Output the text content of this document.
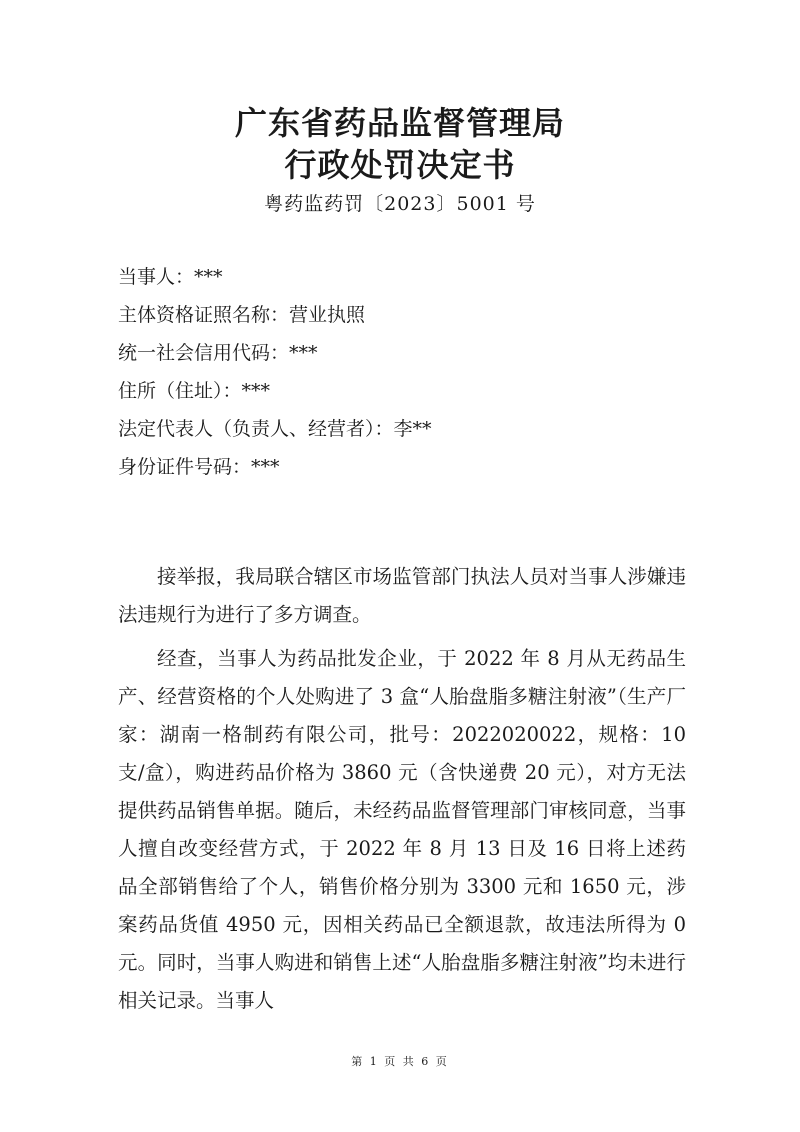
广东省药品监督管理局
行政处罚决定书
粤药监药罚〔2023〕5001 号
当事人：***
主体资格证照名称：营业执照
统一社会信用代码：***
住所（住址）：***
法定代表人（负责人、经营者）：李**
身份证件号码：***

接举报，我局联合辖区市场监管部门执法人员对当事人涉嫌违法违规行为进行了多方调查。

经查，当事人为药品批发企业，于 2022 年 8 月从无药品生产、经营资格的个人处购进了 3 盒“人胎盘脂多糖注射液”（生产厂家：湖南一格制药有限公司，批号：2022020022，规格：10 支/盒），购进药品价格为 3860 元（含快递费 20 元），对方无法提供药品销售单据。随后，未经药品监督管理部门审核同意，当事人擅自改变经营方式，于 2022 年 8 月 13 日及 16 日将上述药品全部销售给了个人，销售价格分别为 3300 元和 1650 元，涉案药品货值 4950 元，因相关药品已全额退款，故违法所得为 0 元。同时，当事人购进和销售上述“人胎盘脂多糖注射液”均未进行相关记录。当事人

第 1 页 共 6 页
